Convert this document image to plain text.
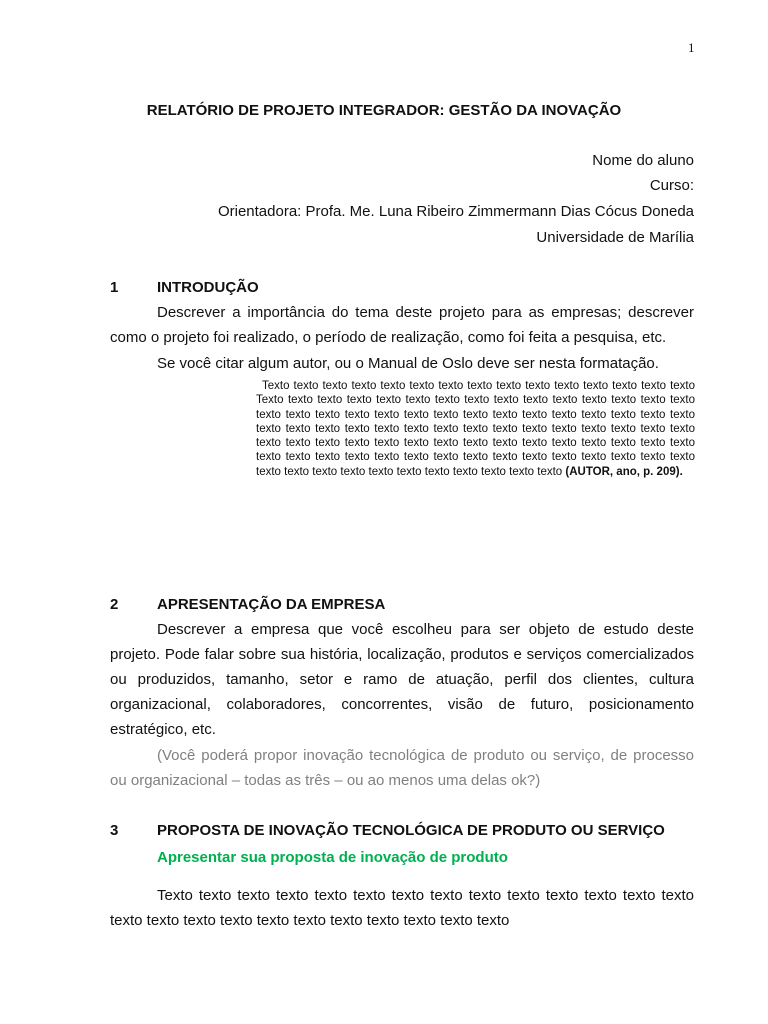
1
RELATÓRIO DE PROJETO INTEGRADOR: GESTÃO DA INOVAÇÃO
Nome do aluno
Curso:
Orientadora: Profa. Me. Luna Ribeiro Zimmermann Dias Cócus Doneda
Universidade de Marília
1	INTRODUÇÃO
Descrever a importância do tema deste projeto para as empresas; descrever como o projeto foi realizado, o período de realização, como foi feita a pesquisa, etc.
Se você citar algum autor, ou o Manual de Oslo deve ser nesta formatação.
Texto texto texto texto texto texto texto texto texto texto texto texto texto texto texto Texto texto texto texto texto texto texto texto texto texto texto texto texto texto texto texto texto texto texto texto texto texto texto texto texto texto texto texto texto texto texto texto texto texto texto texto texto texto texto texto texto texto texto texto texto texto texto texto texto texto texto texto texto texto texto texto texto texto texto texto texto texto texto texto texto texto texto texto texto texto texto texto texto texto texto texto texto texto texto texto texto texto texto texto texto texto (AUTOR, ano, p. 209).
2	APRESENTAÇÃO DA EMPRESA
Descrever a empresa que você escolheu para ser objeto de estudo deste projeto. Pode falar sobre sua história, localização, produtos e serviços comercializados ou produzidos, tamanho, setor e ramo de atuação, perfil dos clientes, cultura organizacional, colaboradores, concorrentes, visão de futuro, posicionamento estratégico, etc.
(Você poderá propor inovação tecnológica de produto ou serviço, de processo ou organizacional – todas as três – ou ao menos uma delas ok?)
3	PROPOSTA DE INOVAÇÃO TECNOLÓGICA DE PRODUTO OU SERVIÇO
Apresentar sua proposta de inovação de produto
Texto texto texto texto texto texto texto texto texto texto texto texto texto texto texto texto texto texto texto texto texto texto texto texto texto
